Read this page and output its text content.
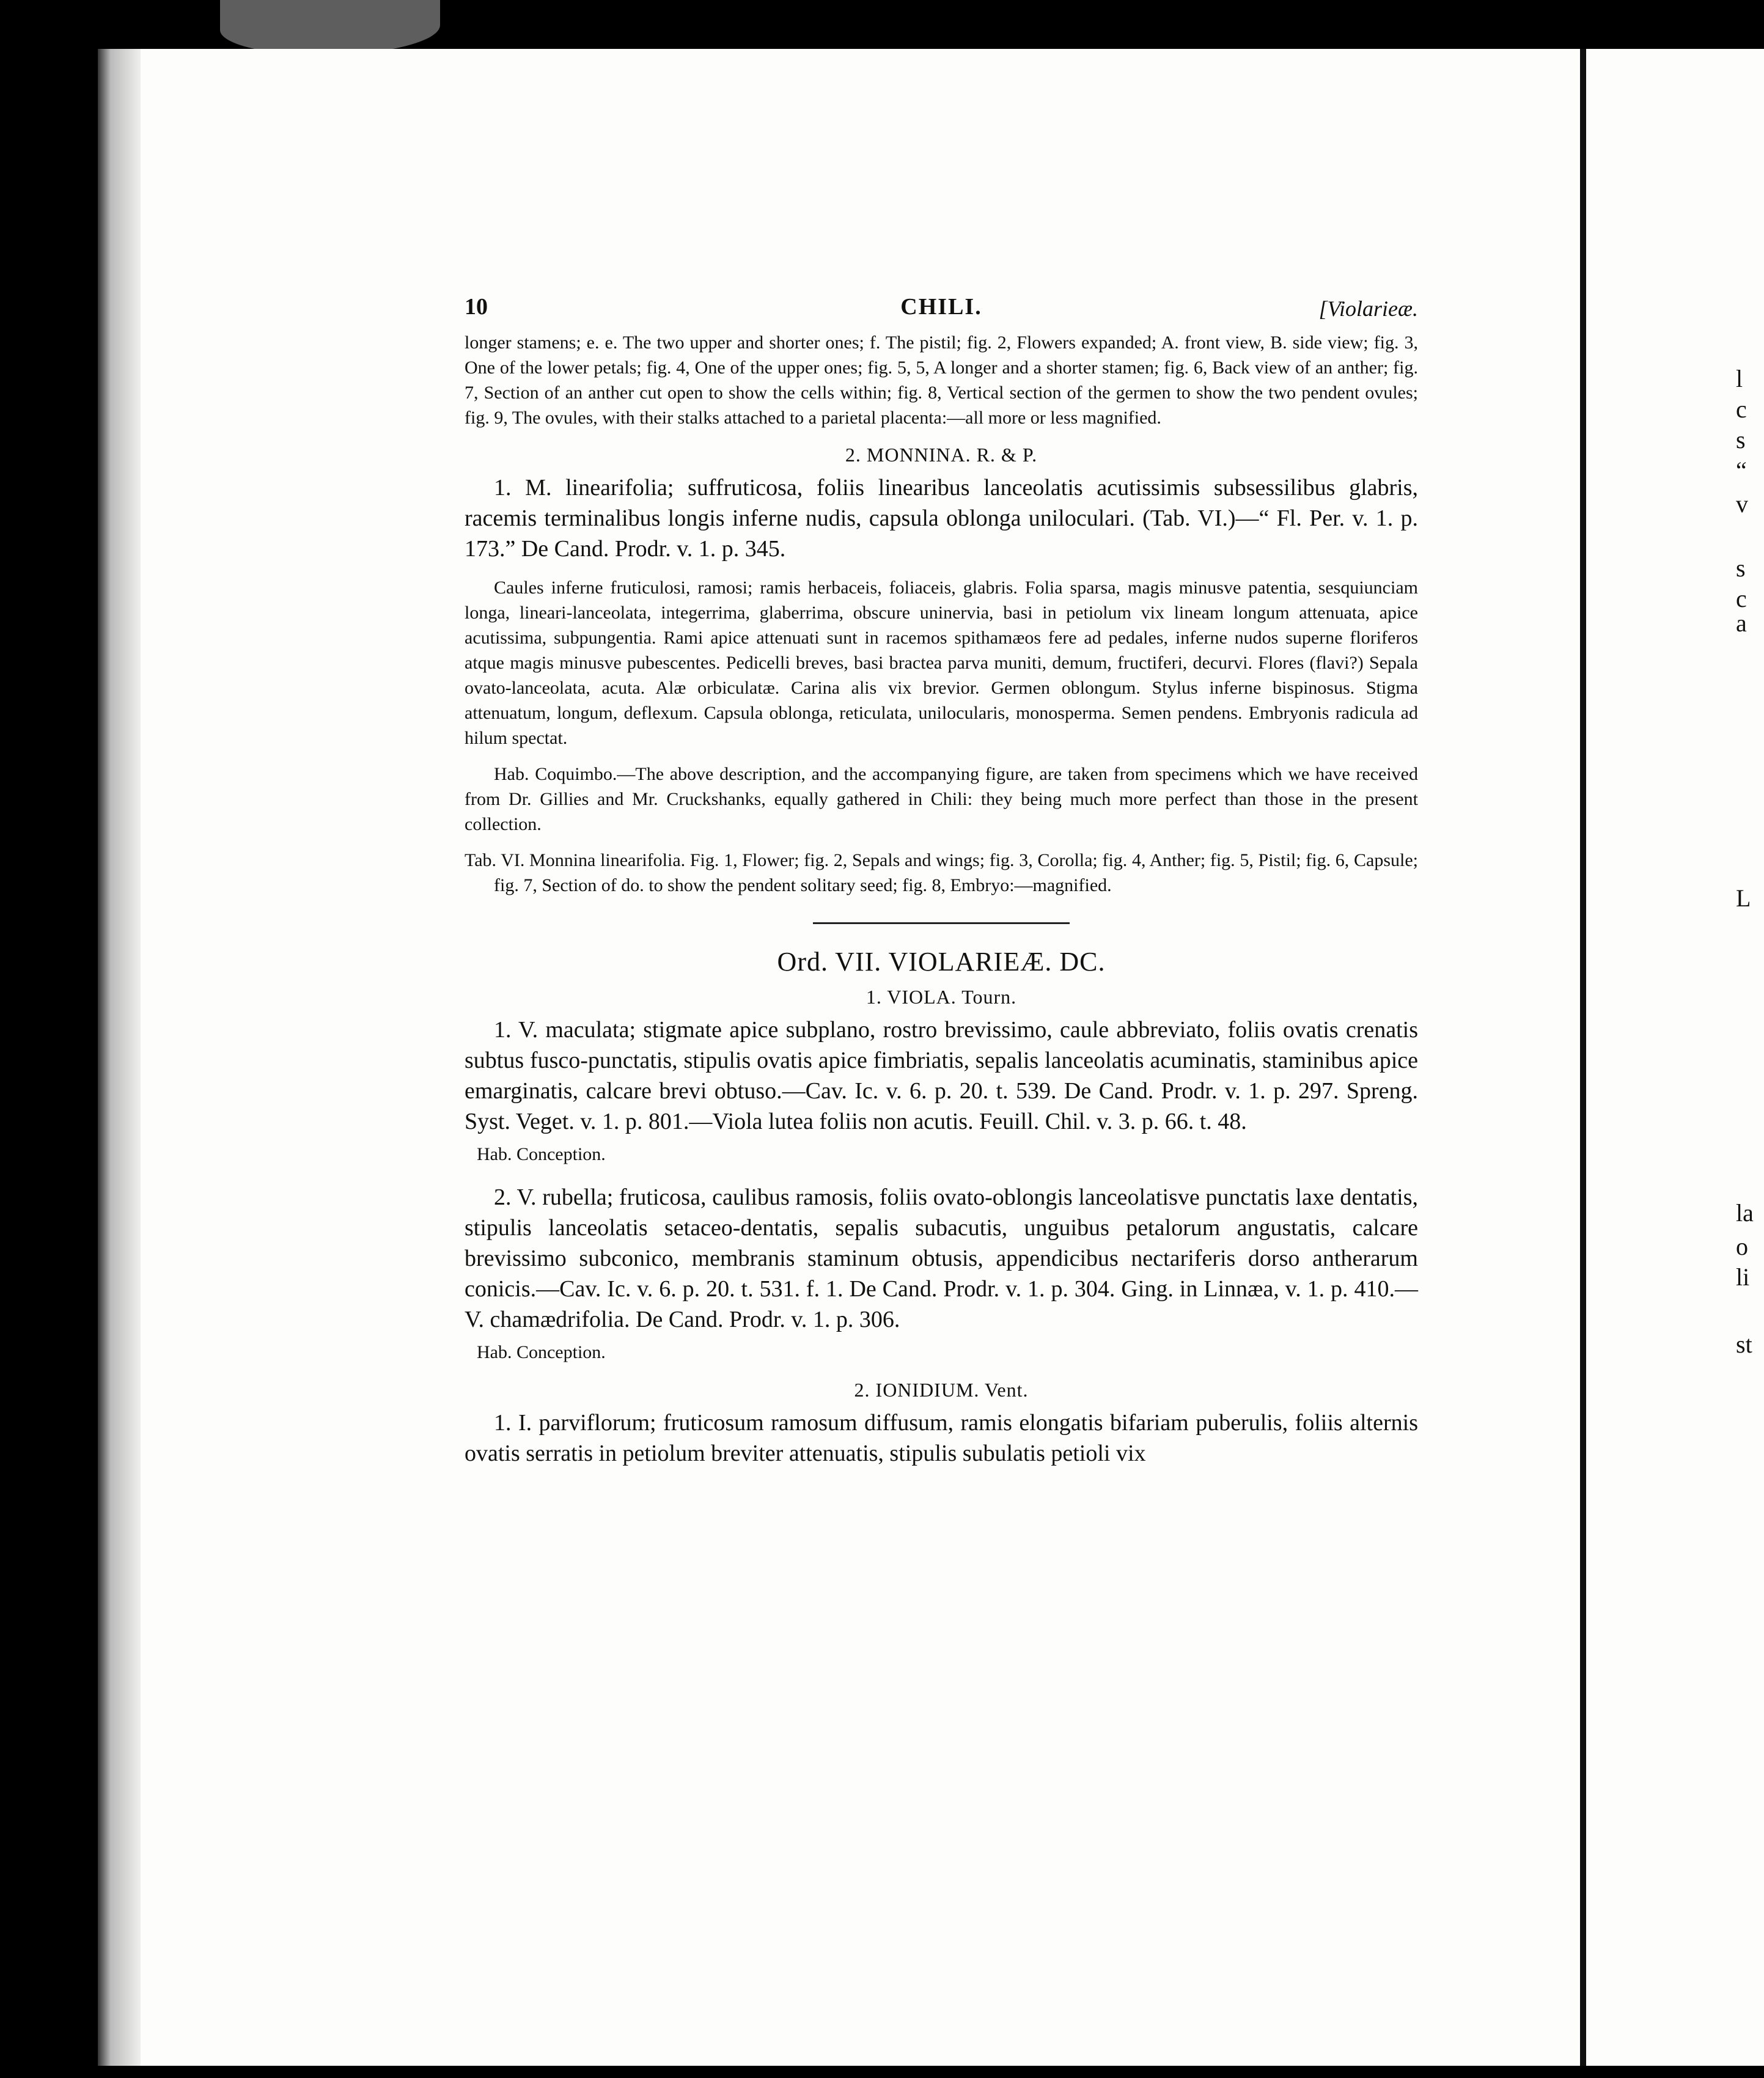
l
c
s
“
v
s
c
a
L
la
o
li
st
10	CHILI.	[Violarieæ.

longer stamens; e. e. The two upper and shorter ones; f. The pistil; fig. 2, Flowers expanded; A. front view, B. side view; fig. 3, One of the lower petals; fig. 4, One of the upper ones; fig. 5, 5, A longer and a shorter stamen; fig. 6, Back view of an anther; fig. 7, Section of an anther cut open to show the cells within; fig. 8, Vertical section of the germen to show the two pendent ovules; fig. 9, The ovules, with their stalks attached to a parietal placenta:—all more or less magnified.

2. MONNINA. R. & P.

1. M. linearifolia; suffruticosa, foliis linearibus lanceolatis acutissimis subsessilibus glabris, racemis terminalibus longis inferne nudis, capsula oblonga uniloculari. (Tab. VI.)—“ Fl. Per. v. 1. p. 173.” De Cand. Prodr. v. 1. p. 345.

Caules inferne fruticulosi, ramosi; ramis herbaceis, foliaceis, glabris. Folia sparsa, magis minusve patentia, sesquiunciam longa, lineari-lanceolata, integerrima, glaberrima, obscure uninervia, basi in petiolum vix lineam longum attenuata, apice acutissima, subpungentia. Rami apice attenuati sunt in racemos spithamæos fere ad pedales, inferne nudos superne floriferos atque magis minusve pubescentes. Pedicelli breves, basi bractea parva muniti, demum, fructiferi, decurvi. Flores (flavi?) Sepala ovato-lanceolata, acuta. Alæ orbiculatæ. Carina alis vix brevior. Germen oblongum. Stylus inferne bispinosus. Stigma attenuatum, longum, deflexum. Capsula oblonga, reticulata, unilocularis, monosperma. Semen pendens. Embryonis radicula ad hilum spectat.

Hab. Coquimbo.—The above description, and the accompanying figure, are taken from specimens which we have received from Dr. Gillies and Mr. Cruckshanks, equally gathered in Chili: they being much more perfect than those in the present collection.

Tab. VI. Monnina linearifolia. Fig. 1, Flower; fig. 2, Sepals and wings; fig. 3, Corolla; fig. 4, Anther; fig. 5, Pistil; fig. 6, Capsule; fig. 7, Section of do. to show the pendent solitary seed; fig. 8, Embryo:—magnified.

Ord. VII. VIOLARIEÆ. DC.
1. VIOLA. Tourn.

1. V. maculata; stigmate apice subplano, rostro brevissimo, caule abbreviato, foliis ovatis crenatis subtus fusco-punctatis, stipulis ovatis apice fimbriatis, sepalis lanceolatis acuminatis, staminibus apice emarginatis, calcare brevi obtuso.—Cav. Ic. v. 6. p. 20. t. 539. De Cand. Prodr. v. 1. p. 297. Spreng. Syst. Veget. v. 1. p. 801.—Viola lutea foliis non acutis. Feuill. Chil. v. 3. p. 66. t. 48.

Hab. Conception.

2. V. rubella; fruticosa, caulibus ramosis, foliis ovato-oblongis lanceolatisve punctatis laxe dentatis, stipulis lanceolatis setaceo-dentatis, sepalis subacutis, unguibus petalorum angustatis, calcare brevissimo subconico, membranis staminum obtusis, appendicibus nectariferis dorso antherarum conicis.—Cav. Ic. v. 6. p. 20. t. 531. f. 1. De Cand. Prodr. v. 1. p. 304. Ging. in Linnæa, v. 1. p. 410.—V. chamædrifolia. De Cand. Prodr. v. 1. p. 306.

Hab. Conception.
2. IONIDIUM. Vent.

1. I. parviflorum; fruticosum ramosum diffusum, ramis elongatis bifariam puberulis, foliis alternis ovatis serratis in petiolum breviter attenuatis, stipulis subulatis petioli vix
